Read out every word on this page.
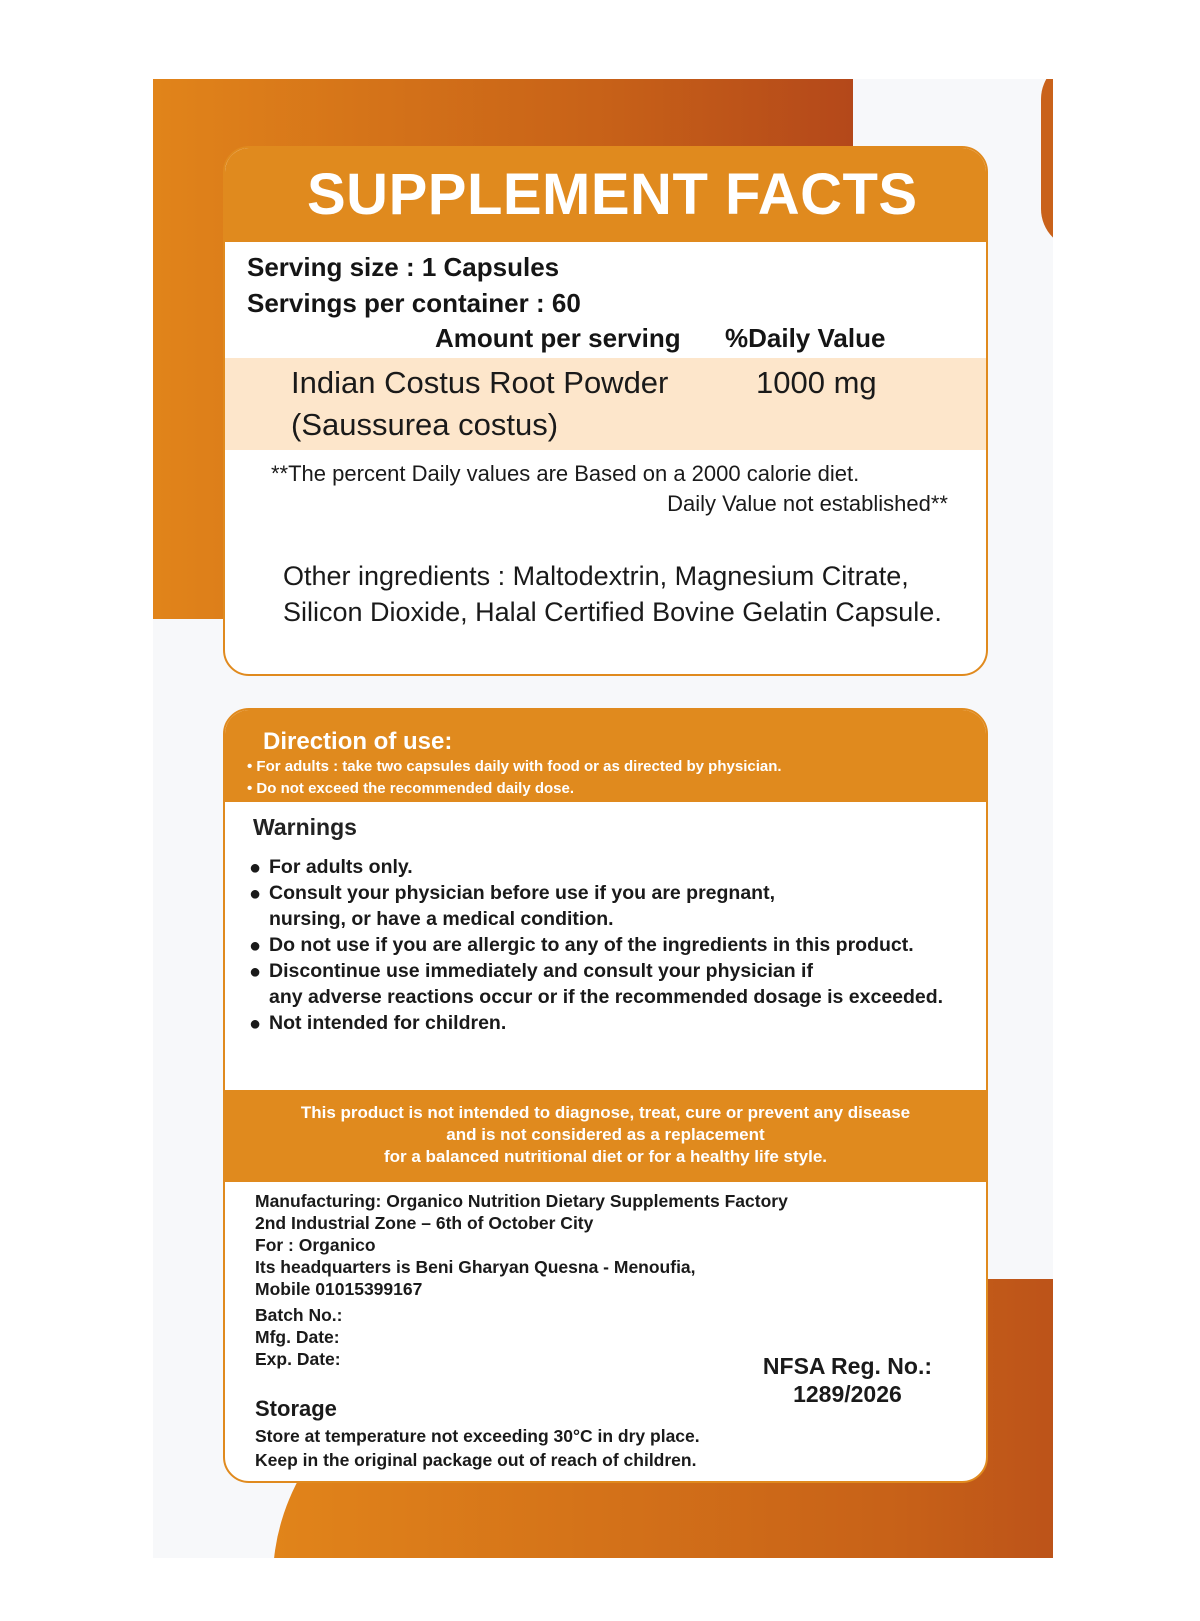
SUPPLEMENT FACTS
Serving size : 1 Capsules
Servings per container : 60
Amount per serving %Daily Value
Indian Costus Root Powder
(Saussurea costus)
1000 mg
**The percent Daily values are Based on a 2000 calorie diet.
Daily Value not established**
Other ingredients : Maltodextrin, Magnesium Citrate,
Silicon Dioxide, Halal Certified Bovine Gelatin Capsule.
Direction of use:
• For adults : take two capsules daily with food or as directed by physician.
• Do not exceed the recommended daily dose.
Warnings
● For adults only.
● Consult your physician before use if you are pregnant,
nursing, or have a medical condition.
● Do not use if you are allergic to any of the ingredients in this product.
● Discontinue use immediately and consult your physician if
any adverse reactions occur or if the recommended dosage is exceeded.
● Not intended for children.
This product is not intended to diagnose, treat, cure or prevent any disease
and is not considered as a replacement
for a balanced nutritional diet or for a healthy life style.
Manufacturing: Organico Nutrition Dietary Supplements Factory
2nd Industrial Zone – 6th of October City
For : Organico
Its headquarters is Beni Gharyan Quesna - Menoufia,
Mobile 01015399167
Batch No.:
Mfg. Date:
Exp. Date:	NFSA Reg. No.:
1289/2026
Storage
Store at temperature not exceeding 30°C in dry place.
Keep in the original package out of reach of children.
